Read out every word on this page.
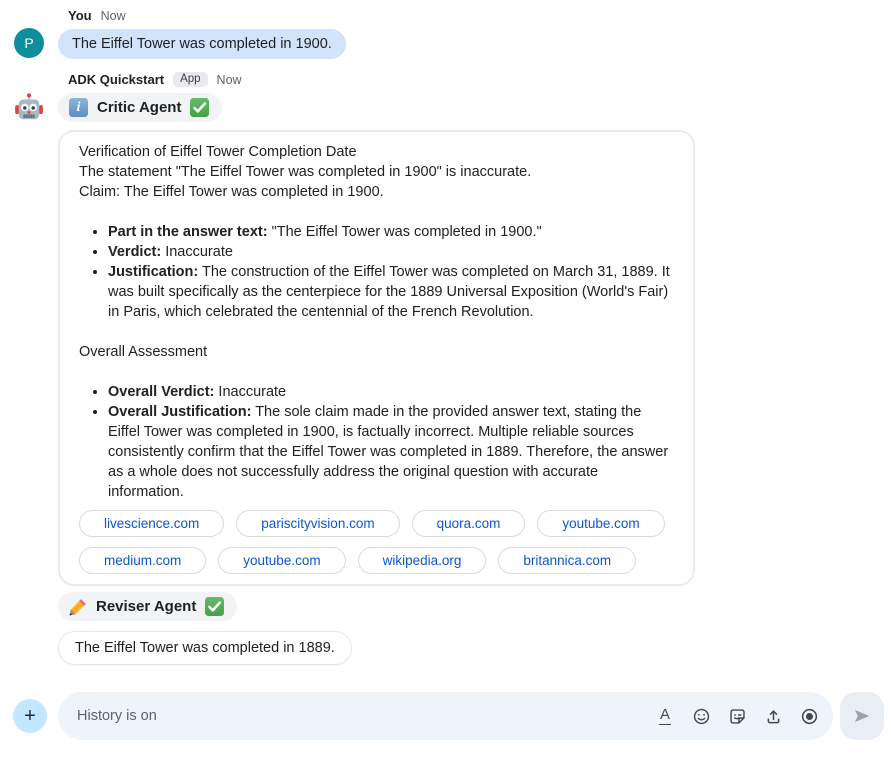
You Now
P	The Eiffel Tower was completed in 1900.
ADK Quickstart	App	Now
i	Critic Agent
Verification of Eiffel Tower Completion Date
The statement "The Eiffel Tower was completed in 1900" is inaccurate.
Claim: The Eiffel Tower was completed in 1900.
• Part in the answer text: "The Eiffel Tower was completed in 1900."
• Verdict: Inaccurate
• Justification: The construction of the Eiffel Tower was completed on March 31, 1889. It was built specifically as the centerpiece for the 1889 Universal Exposition (World's Fair) in Paris, which celebrated the centennial of the French Revolution.
Overall Assessment
• Overall Verdict: Inaccurate
• Overall Justification: The sole claim made in the provided answer text, stating the Eiffel Tower was completed in 1900, is factually incorrect. Multiple reliable sources consistently confirm that the Eiffel Tower was completed in 1889. Therefore, the answer as a whole does not successfully address the original question with accurate information.
livescience.com	pariscityvision.com	quora.com	youtube.com
medium.com	youtube.com	wikipedia.org	britannica.com
Reviser Agent
The Eiffel Tower was completed in 1889.
+
History is on	A
